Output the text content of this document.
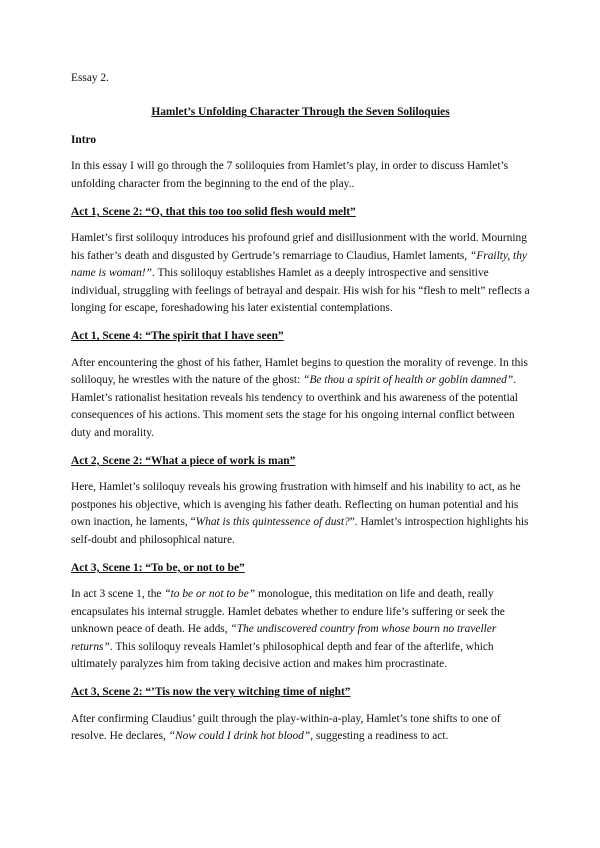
Essay 2.
Hamlet’s Unfolding Character Through the Seven Soliloquies
Intro

In this essay I will go through the 7 soliloquies from Hamlet’s play, in order to discuss Hamlet’s unfolding character from the beginning to the end of the play..

Act 1, Scene 2: “O, that this too too solid flesh would melt”

Hamlet’s first soliloquy introduces his profound grief and disillusionment with the world. Mourning his father’s death and disgusted by Gertrude’s remarriage to Claudius, Hamlet laments, “Frailty, thy name is woman!”. This soliloquy establishes Hamlet as a deeply introspective and sensitive individual, struggling with feelings of betrayal and despair. His wish for his “flesh to melt” reflects a longing for escape, foreshadowing his later existential contemplations.

Act 1, Scene 4: “The spirit that I have seen”

After encountering the ghost of his father, Hamlet begins to question the morality of revenge. In this soliloquy, he wrestles with the nature of the ghost: “Be thou a spirit of health or goblin damned”. Hamlet’s rationalist hesitation reveals his tendency to overthink and his awareness of the potential consequences of his actions. This moment sets the stage for his ongoing internal conflict between duty and morality.

Act 2, Scene 2: “What a piece of work is man”

Here, Hamlet’s soliloquy reveals his growing frustration with himself and his inability to act, as he postpones his objective, which is avenging his father death. Reflecting on human potential and his own inaction, he laments, “What is this quintessence of dust?”. Hamlet’s introspection highlights his self-doubt and philosophical nature.

Act 3, Scene 1: “To be, or not to be”

In act 3 scene 1, the “to be or not to be” monologue, this meditation on life and death, really encapsulates his internal struggle. Hamlet debates whether to endure life’s suffering or seek the unknown peace of death. He adds, “The undiscovered country from whose bourn no traveller returns”. This soliloquy reveals Hamlet’s philosophical depth and fear of the afterlife, which ultimately paralyzes him from taking decisive action and makes him procrastinate.

Act 3, Scene 2: “’Tis now the very witching time of night”

After confirming Claudius’ guilt through the play-within-a-play, Hamlet’s tone shifts to one of resolve. He declares, “Now could I drink hot blood”, suggesting a readiness to act.
